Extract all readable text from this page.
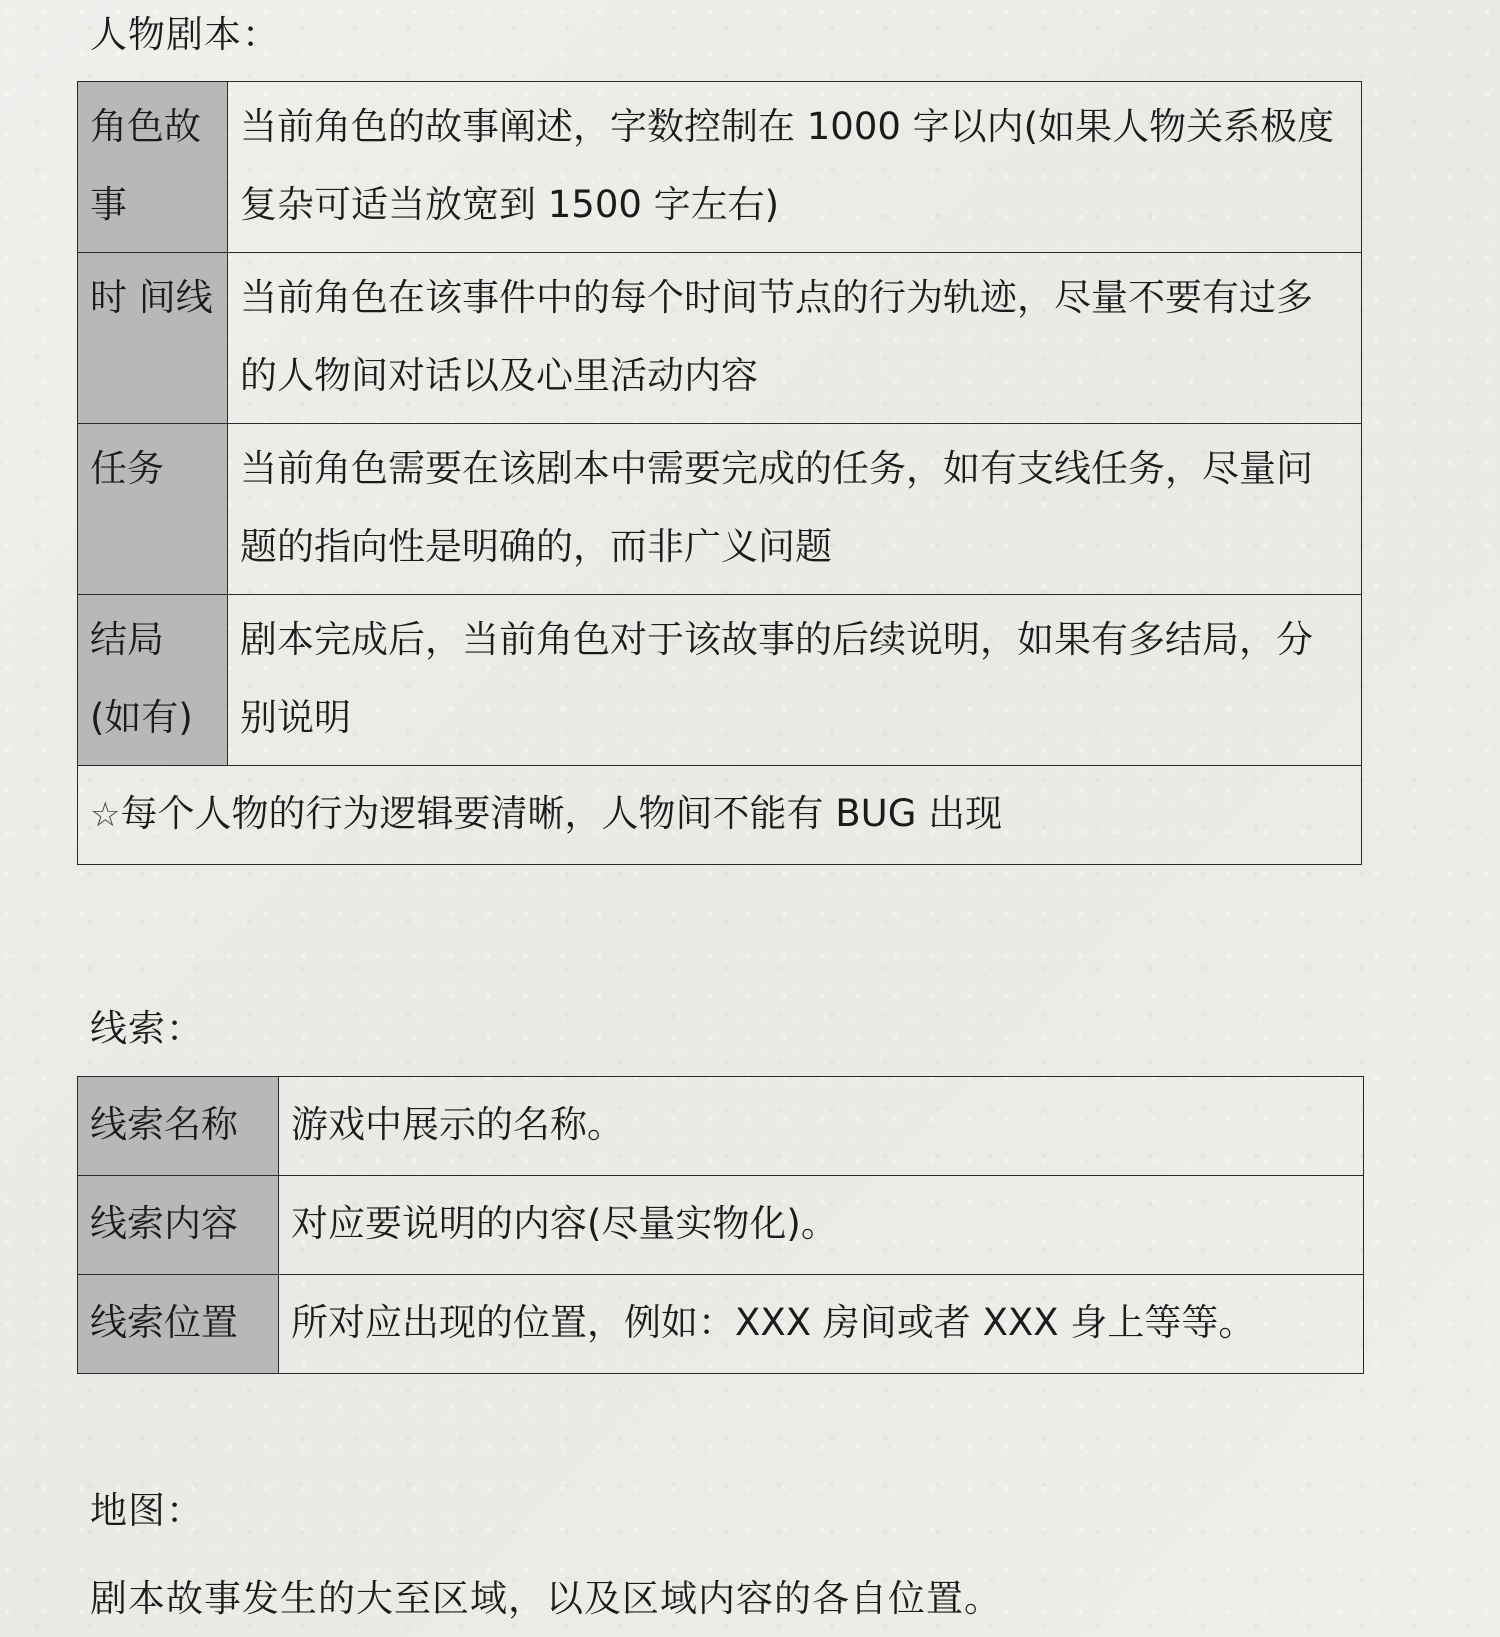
人物剧本：
角色故事	当前角色的故事阐述，字数控制在 1000 字以内(如果人物关系极度复杂可适当放宽到 1500 字左右)
时 间线	当前角色在该事件中的每个时间节点的行为轨迹，尽量不要有过多的人物间对话以及心里活动内容
任务	当前角色需要在该剧本中需要完成的任务，如有支线任务，尽量问题的指向性是明确的，而非广义问题
结局(如有)	剧本完成后，当前角色对于该故事的后续说明，如果有多结局，分别说明
☆每个人物的行为逻辑要清晰，人物间不能有 BUG 出现	
线索：
线索名称	游戏中展示的名称。
线索内容	对应要说明的内容(尽量实物化)。
线索位置	所对应出现的位置，例如：XXX 房间或者 XXX 身上等等。
地图：
剧本故事发生的大至区域，以及区域内容的各自位置。
